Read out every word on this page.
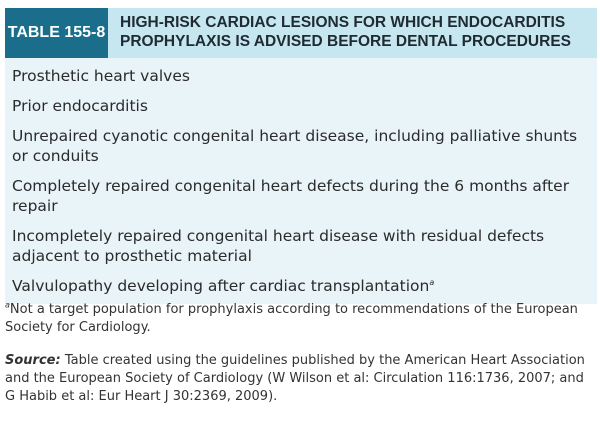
TABLE 155-8
HIGH-RISK CARDIAC LESIONS FOR WHICH ENDOCARDITIS
PROPHYLAXIS IS ADVISED BEFORE DENTAL PROCEDURES
Prosthetic heart valves
Prior endocarditis
Unrepaired cyanotic congenital heart disease, including palliative shunts or conduits
Completely repaired congenital heart defects during the 6 months after repair
Incompletely repaired congenital heart disease with residual defects adjacent to prosthetic material
Valvulopathy developing after cardiac transplantation$^a$
$^a$Not a target population for prophylaxis according to recommendations of the European Society for Cardiology.
Source: Table created using the guidelines published by the American Heart Association and the European Society of Cardiology (W Wilson et al: Circulation 116:1736, 2007; and G Habib et al: Eur Heart J 30:2369, 2009).
